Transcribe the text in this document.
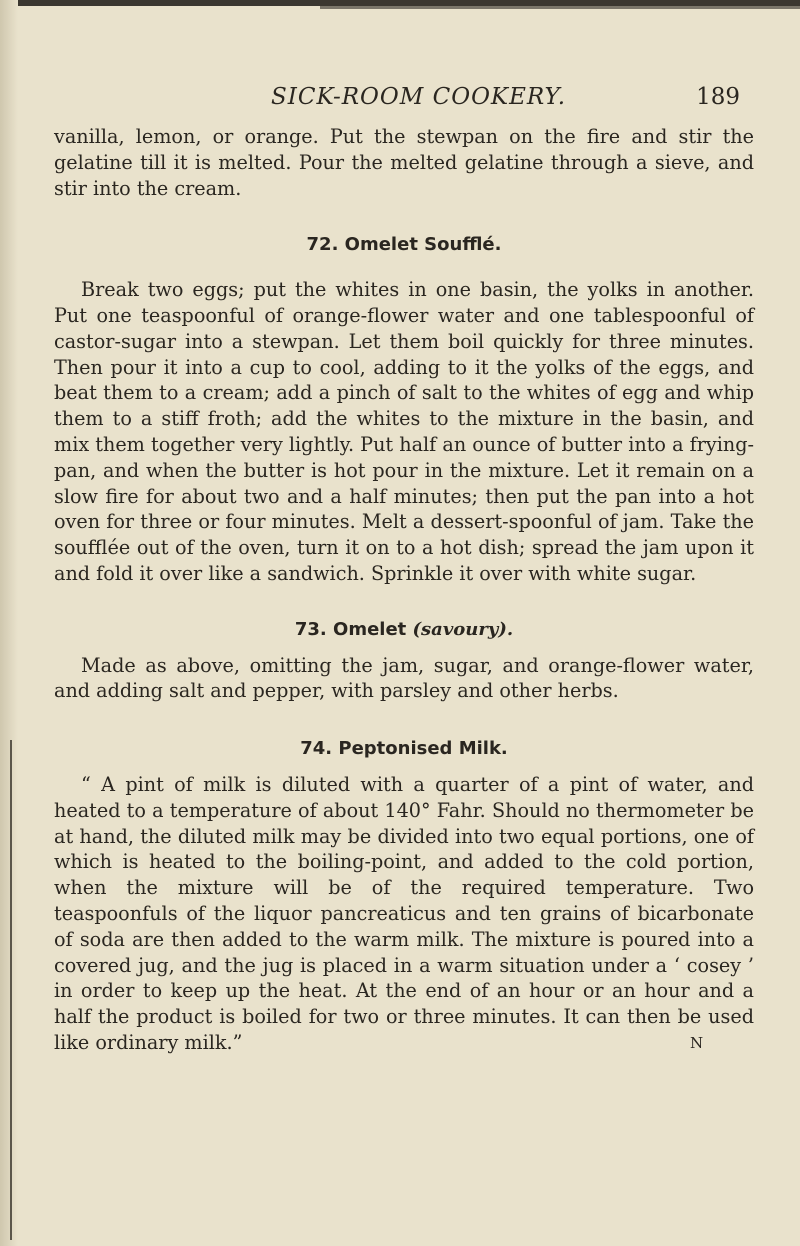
SICK-ROOM COOKERY.	189

vanilla, lemon, or orange. Put the stewpan on the fire and stir the gelatine till it is melted. Pour the melted gelatine through a sieve, and stir into the cream.

72. Omelet Soufflé.

Break two eggs; put the whites in one basin, the yolks in another. Put one teaspoonful of orange-flower water and one tablespoonful of castor-sugar into a stewpan. Let them boil quickly for three minutes. Then pour it into a cup to cool, adding to it the yolks of the eggs, and beat them to a cream; add a pinch of salt to the whites of egg and whip them to a stiff froth; add the whites to the mixture in the basin, and mix them together very lightly. Put half an ounce of butter into a frying-pan, and when the butter is hot pour in the mixture. Let it remain on a slow fire for about two and a half minutes; then put the pan into a hot oven for three or four minutes. Melt a dessert-spoonful of jam. Take the soufflée out of the oven, turn it on to a hot dish; spread the jam upon it and fold it over like a sandwich. Sprinkle it over with white sugar.

73. Omelet (savoury).

Made as above, omitting the jam, sugar, and orange-flower water, and adding salt and pepper, with parsley and other herbs.

74. Peptonised Milk.

“ A pint of milk is diluted with a quarter of a pint of water, and heated to a temperature of about 140° Fahr. Should no thermometer be at hand, the diluted milk may be divided into two equal portions, one of which is heated to the boiling-point, and added to the cold portion, when the mixture will be of the required temperature. Two teaspoonfuls of the liquor pancreaticus and ten grains of bicarbonate of soda are then added to the warm milk. The mixture is poured into a covered jug, and the jug is placed in a warm situation under a ‘ cosey ’ in order to keep up the heat. At the end of an hour or an hour and a half the product is boiled for two or three minutes. It can then be used like ordinary milk.”	N
